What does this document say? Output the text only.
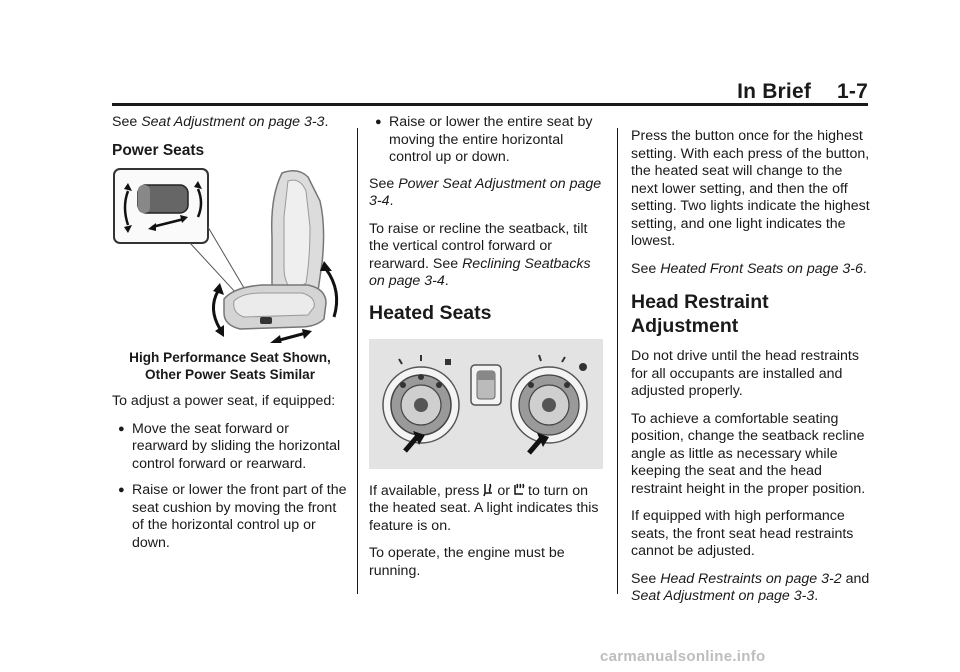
In Brief 1-7

See Seat Adjustment on page 3-3.

Power Seats
High Performance Seat Shown,
Other Power Seats Similar

To adjust a power seat, if equipped:

● Move the seat forward or rearward by sliding the horizontal control forward or rearward.
● Raise or lower the front part of the seat cushion by moving the front of the horizontal control up or down.
● Raise or lower the entire seat by moving the entire horizontal control up or down.

See Power Seat Adjustment on page 3-4.

To raise or recline the seatback, tilt the vertical control forward or rearward. See Reclining Seatbacks on page 3-4.

Heated Seats

If available, press or to turn on the heated seat. A light indicates this feature is on.

To operate, the engine must be running.

Press the button once for the highest setting. With each press of the button, the heated seat will change to the next lower setting, and then the off setting. Two lights indicate the highest setting, and one light indicates the lowest.

See Heated Front Seats on page 3-6.

Head Restraint
Adjustment

Do not drive until the head restraints for all occupants are installed and adjusted properly.

To achieve a comfortable seating position, change the seatback recline angle as little as necessary while keeping the seat and the head restraint height in the proper position.

If equipped with high performance seats, the front seat head restraints cannot be adjusted.

See Head Restraints on page 3-2 and Seat Adjustment on page 3-3.

carmanualsonline.info
